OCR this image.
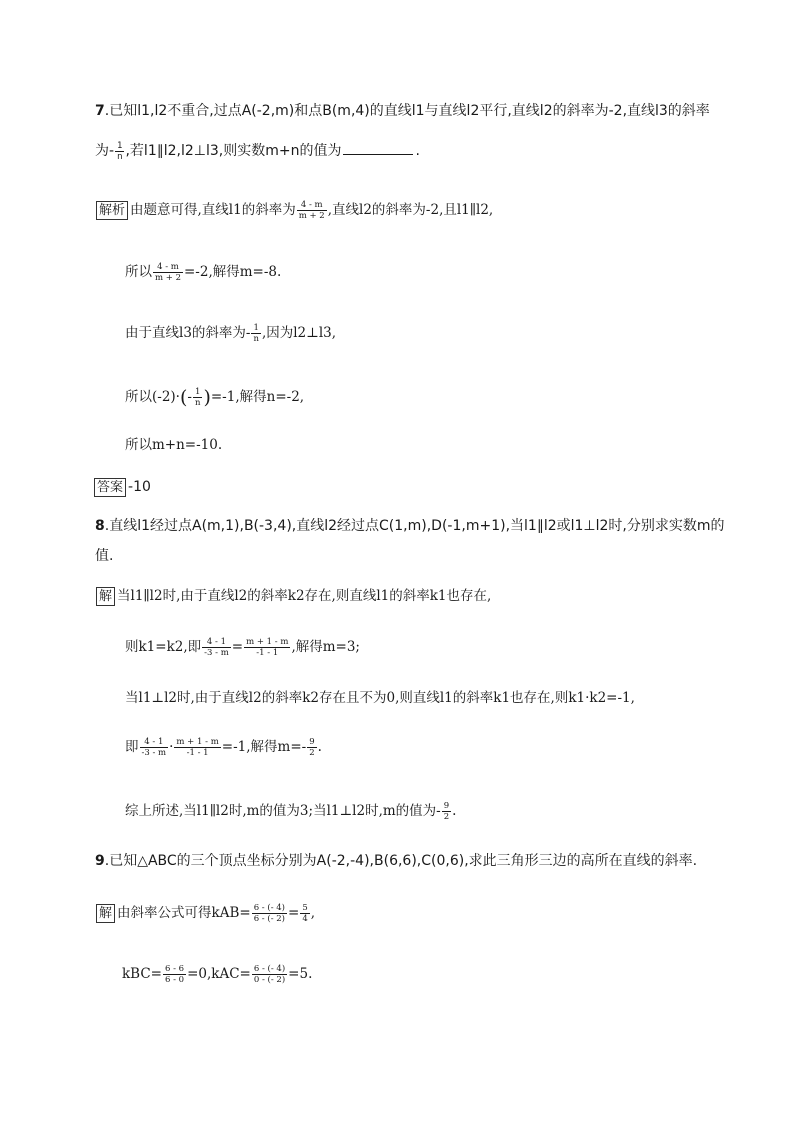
7.已知l1,l2不重合,过点A(-2,m)和点B(m,4)的直线l1与直线l2平行,直线l2的斜率为-2,直线l3的斜率
为- $\frac{1}{n}$ ,若l1∥l2,l2⊥l3,则实数m+n的值为	.
解析 由题意可得,直线l1的斜率为 $\frac{4 - m}{m + 2}$ ,直线l2的斜率为-2,且l1∥l2,
所以 $\frac{4 - m}{m + 2} =-2$,解得m=-8.
由于直线l3的斜率为- $\frac{1}{n}$ ,因为l2⊥l3,
所以$(-2)\cdot(- \frac{1}{n} )=-1$,解得n=-2,
所以m+n=-10.
答案 -10
8.直线l1经过点A(m,1),B(-3,4),直线l2经过点C(1,m),D(-1,m+1),当l1∥l2或l1⊥l2时,分别求实数m的
值.
解 当l1∥l2时,由于直线l2的斜率k2存在,则直线l1的斜率k1也存在,
则k1=k2,即 $\frac{4 - 1}{-3 - m} = \frac{m + 1 - m}{-1 - 1}$ ,解得m=3;
当l1⊥l2时,由于直线l2的斜率k2存在且不为0,则直线l1的斜率k1也存在,则k1·k2=-1,
即 $\frac{4 - 1}{-3 - m} \cdot \frac{m + 1 - m}{-1 - 1} =-1$,解得$m=- \frac{9}{2}$ .
综上所述,当l1∥l2时,m的值为3;当l1⊥l2时,m的值为- $\frac{9}{2}$ .
9.已知△ABC的三个顶点坐标分别为A(-2,-4),B(6,6),C(0,6),求此三角形三边的高所在直线的斜率.
解 由斜率公式可得$kAB= \frac{6 - (- 4)}{6 - (- 2)} = \frac{5}{4}$ ,
$kBC= \frac{6 - 6}{6 - 0} =0,kAC= \frac{6 - (- 4)}{0 - (- 2)} =5$.
